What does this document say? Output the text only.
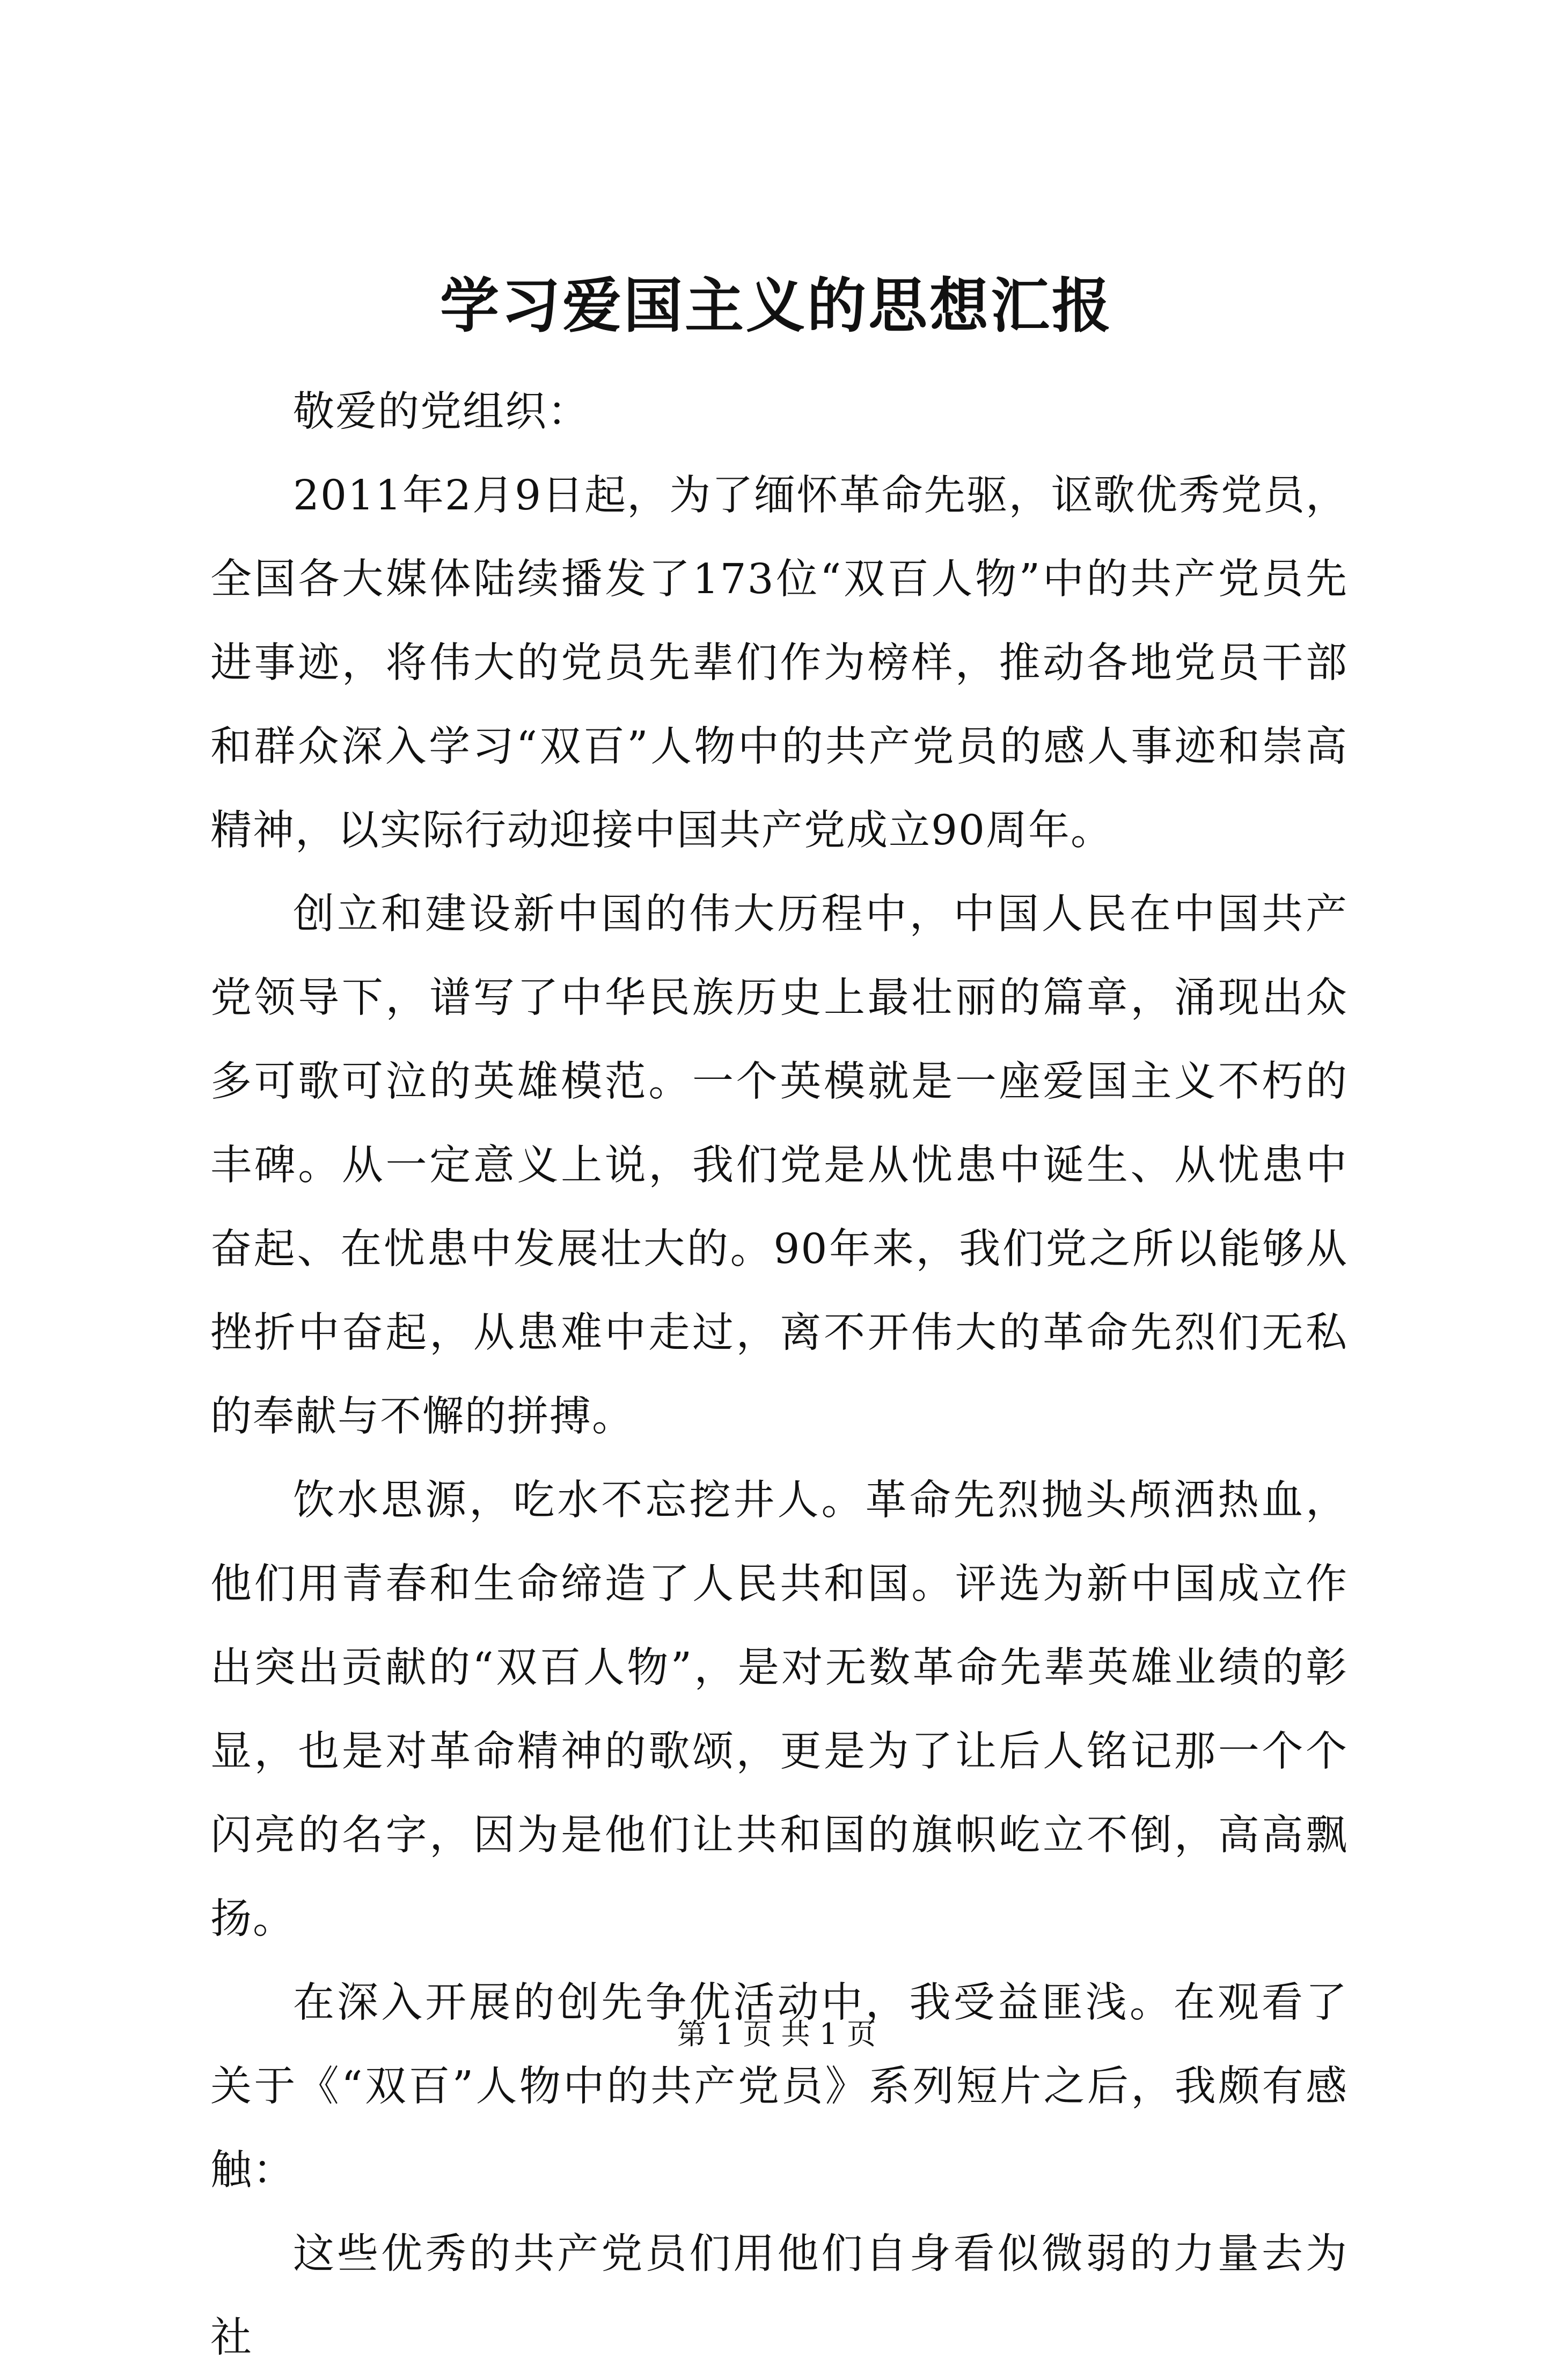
学习爱国主义的思想汇报

敬爱的党组织：

2011年2月9日起，为了缅怀革命先驱，讴歌优秀党员，全国各大媒体陆续播发了173位“双百人物”中的共产党员先进事迹，将伟大的党员先辈们作为榜样，推动各地党员干部和群众深入学习“双百”人物中的共产党员的感人事迹和崇高精神，以实际行动迎接中国共产党成立90周年。

创立和建设新中国的伟大历程中，中国人民在中国共产党领导下，谱写了中华民族历史上最壮丽的篇章，涌现出众多可歌可泣的英雄模范。一个英模就是一座爱国主义不朽的丰碑。从一定意义上说，我们党是从忧患中诞生、从忧患中奋起、在忧患中发展壮大的。90年来，我们党之所以能够从挫折中奋起，从患难中走过，离不开伟大的革命先烈们无私的奉献与不懈的拼搏。

饮水思源，吃水不忘挖井人。革命先烈抛头颅洒热血，他们用青春和生命缔造了人民共和国。评选为新中国成立作出突出贡献的“双百人物”，是对无数革命先辈英雄业绩的彰显，也是对革命精神的歌颂，更是为了让后人铭记那一个个闪亮的名字，因为是他们让共和国的旗帜屹立不倒，高高飘扬。

在深入开展的创先争优活动中，我受益匪浅。在观看了关于《“双百”人物中的共产党员》系列短片之后，我颇有感触：

这些优秀的共产党员们用他们自身看似微弱的力量去为社

第 1 页 共 1 页
